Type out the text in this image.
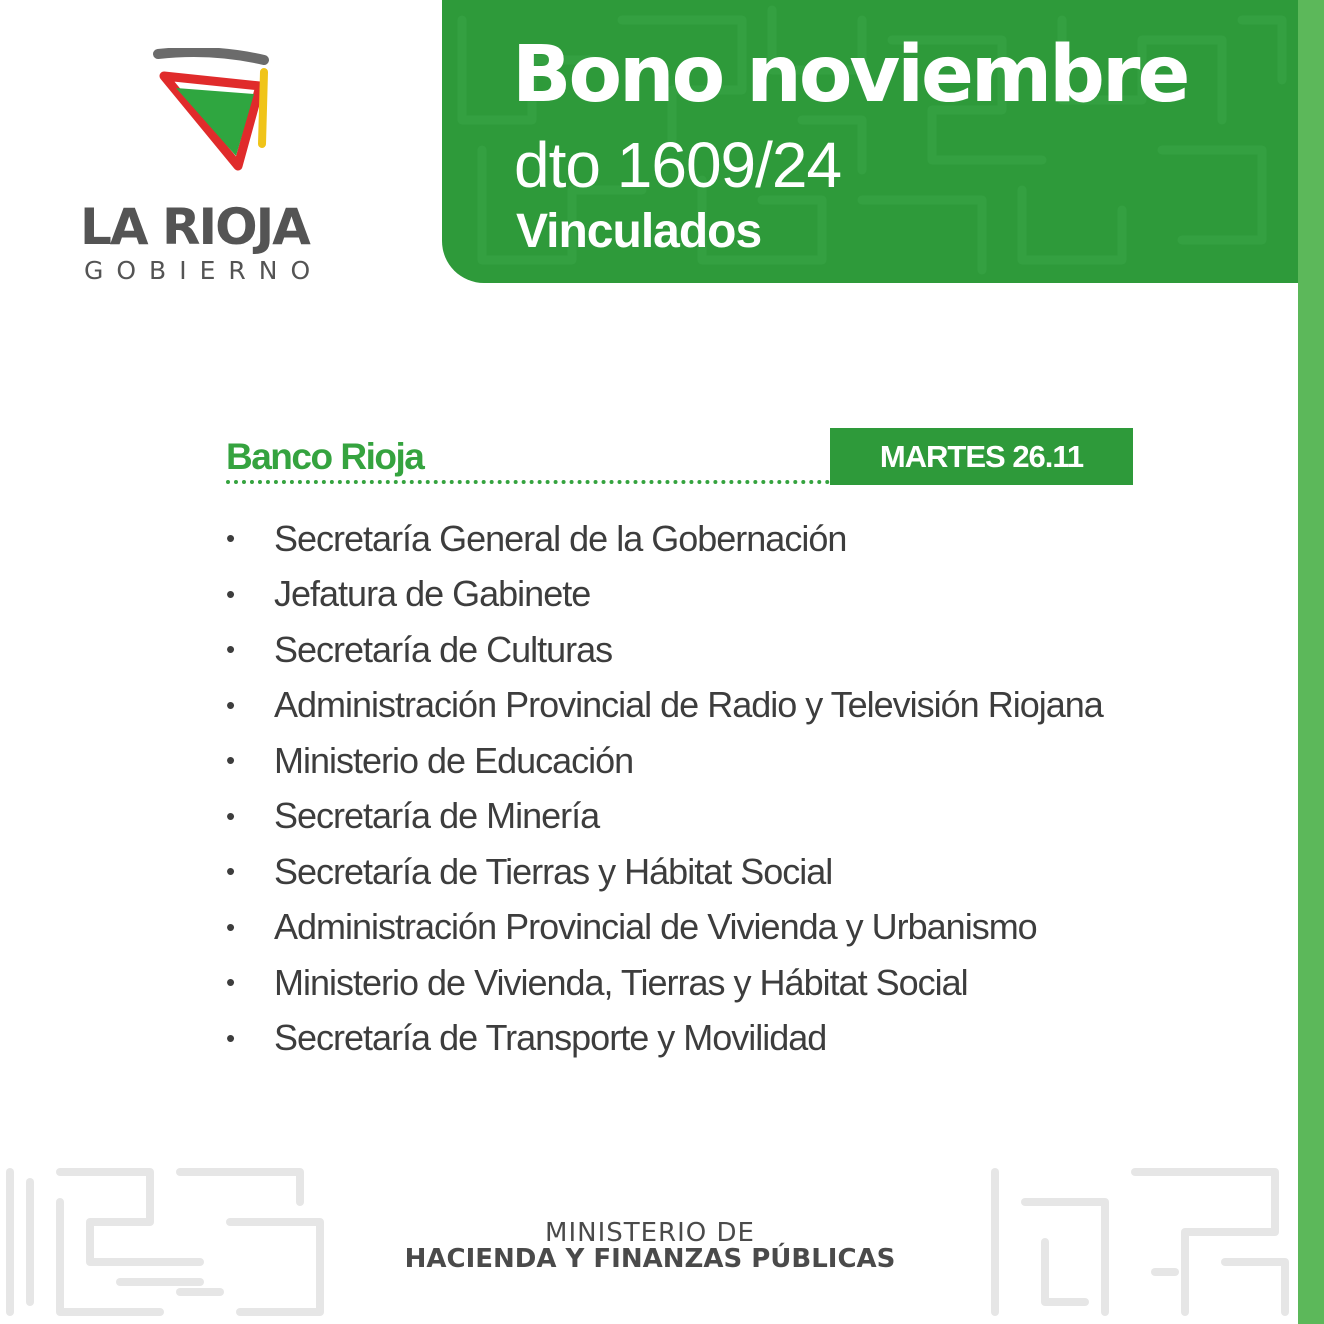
Bono noviembre
dto 1609/24
Vinculados
LA RIOJA
GOBIERNO
Banco Rioja	MARTES 26.11
•	Secretaría General de la Gobernación
•	Jefatura de Gabinete
•	Secretaría de Culturas
•	Administración Provincial de Radio y Televisión Riojana
•	Ministerio de Educación
•	Secretaría de Minería
•	Secretaría de Tierras y Hábitat Social
•	Administración Provincial de Vivienda y Urbanismo
•	Ministerio de Vivienda, Tierras y Hábitat Social
•	Secretaría de Transporte y Movilidad
MINISTERIO DE
HACIENDA Y FINANZAS PÚBLICAS
